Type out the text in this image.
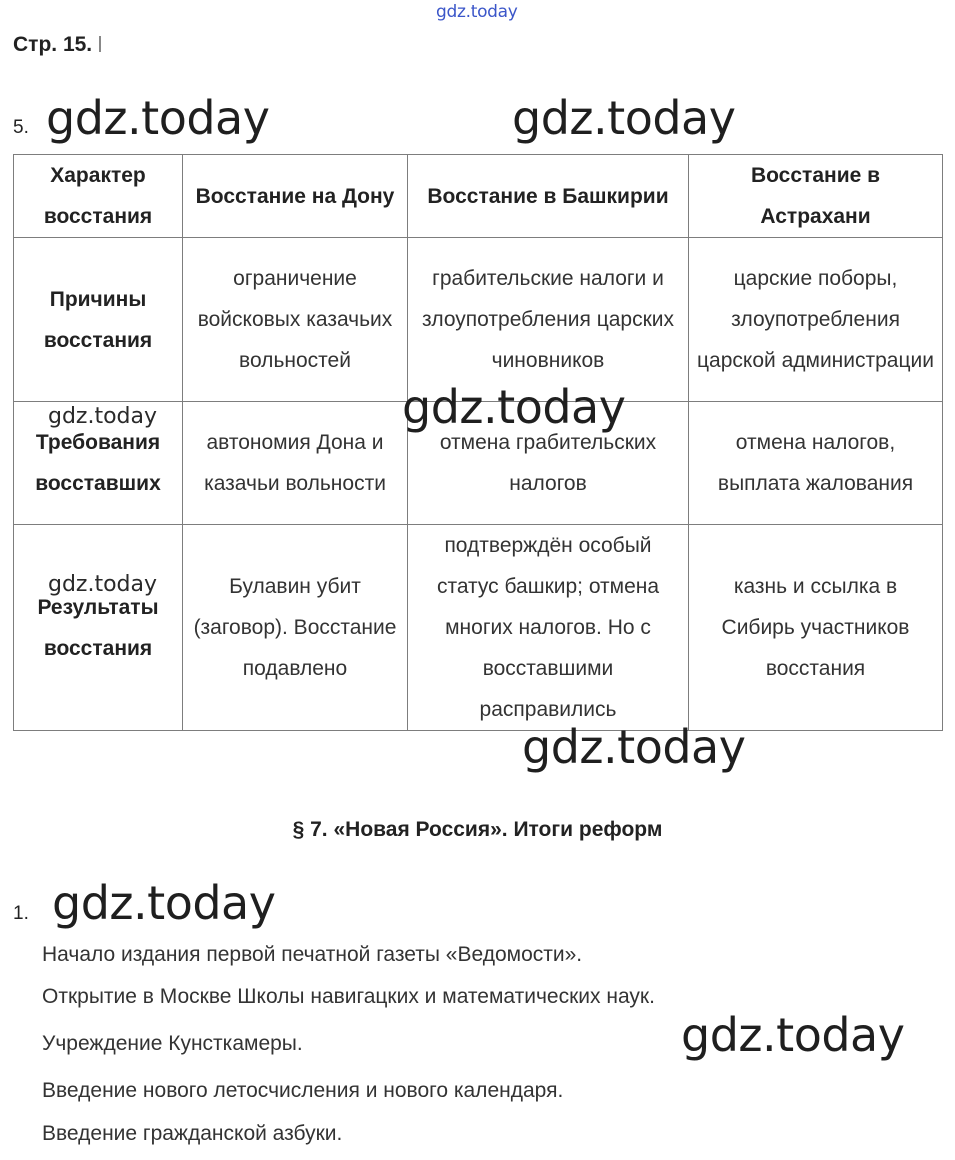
gdz.today
Стр. 15.
5. gdz.today	gdz.today
Характер восстания	Восстание на Дону	Восстание в Башкирии	Восстание в Астрахани
Причины восстания	ограничение войсковых казачьих вольностей	грабительские налоги и злоупотребления царских чиновников	царские поборы, злоупотребления царской администрации
Требования восставших	автономия Дона и казачьи вольности	отмена грабительских налогов	отмена налогов, выплата жалования
Результаты восстания	Булавин убит (заговор). Восстание подавлено	подтверждён особый статус башкир; отмена многих налогов. Но с восставшими расправились	казнь и ссылка в Сибирь участников восстания
gdz.today	gdz.today
gdz.today
gdz.today
§ 7. «Новая Россия». Итоги реформ
1. gdz.today
Начало издания первой печатной газеты «Ведомости».
Открытие в Москве Школы навигацких и математических наук.
Учреждение Кунсткамеры.
Введение нового летосчисления и нового календаря.
Введение гражданской азбуки.
gdz.today
